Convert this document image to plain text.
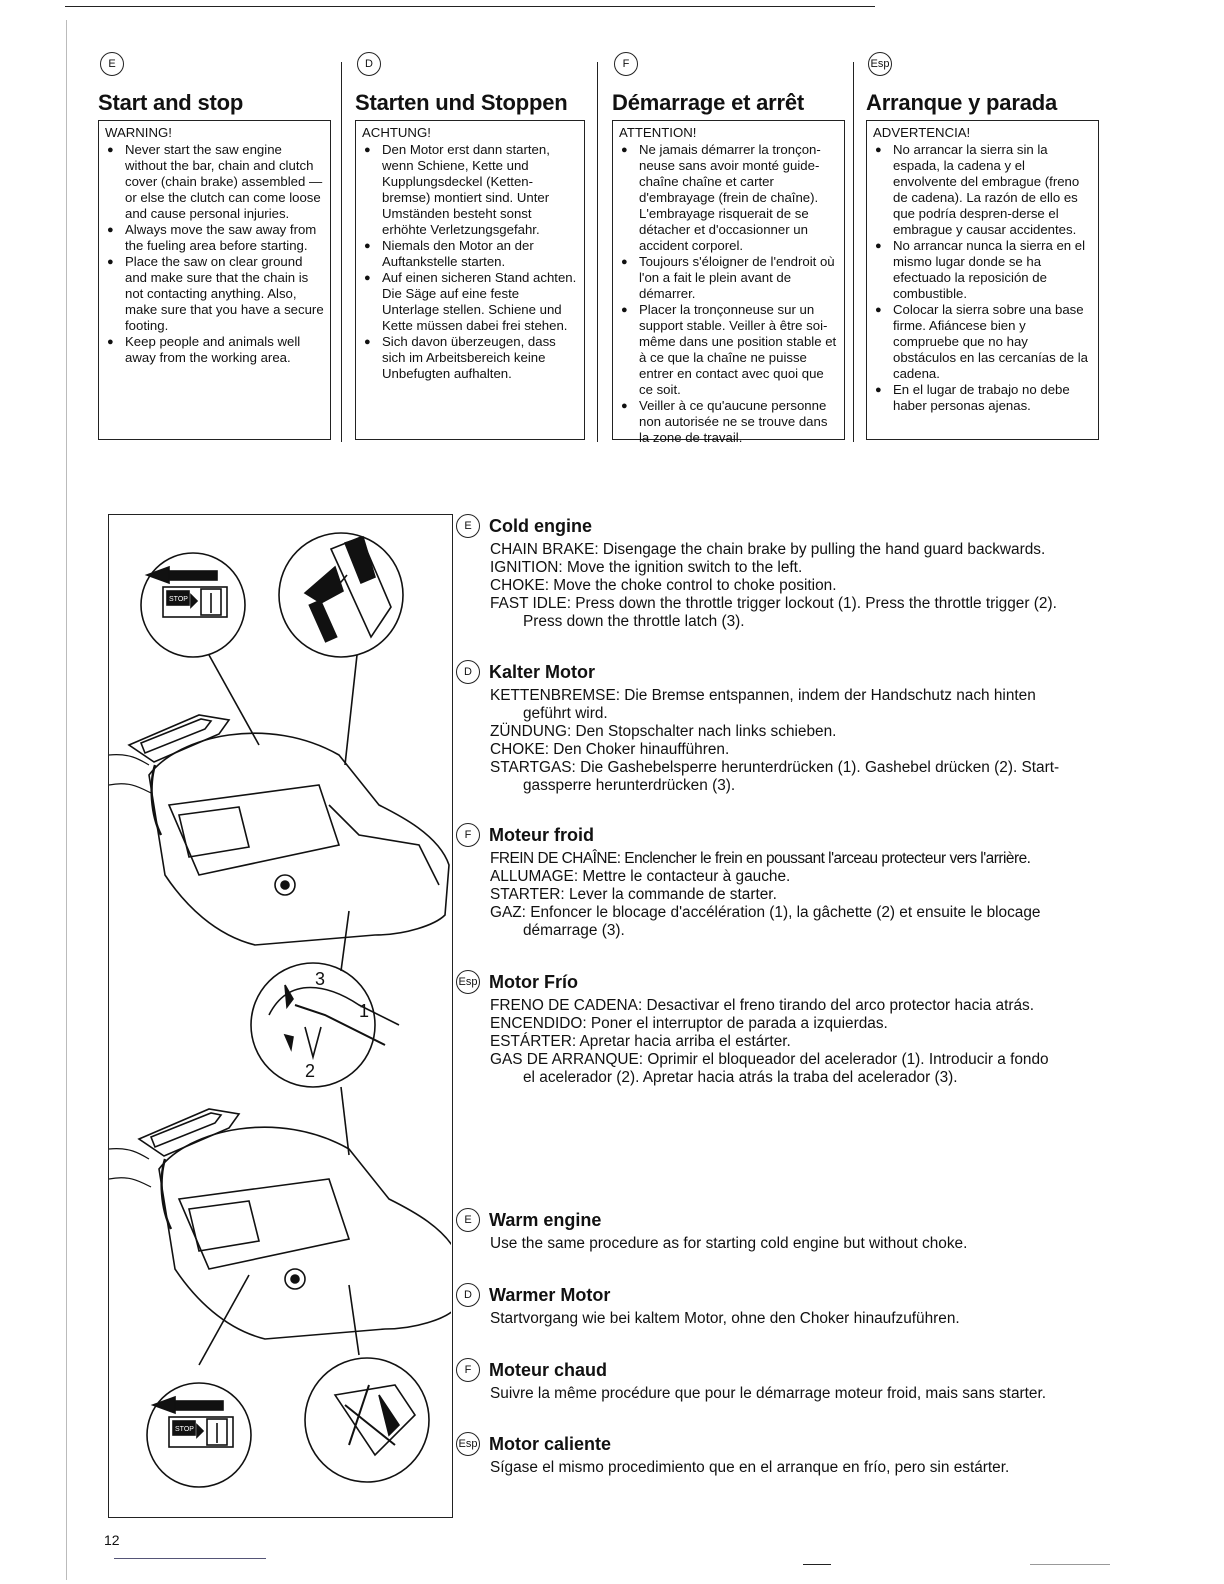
E
Start and stop
WARNING!
● Never start the saw engine without the bar, chain and clutch cover (chain brake) assembled — or else the clutch can come loose and cause personal injuries.
● Always move the saw away from the fueling area before starting.
● Place the saw on clear ground and make sure that the chain is not contacting anything. Also, make sure that you have a secure footing.
● Keep people and animals well away from the working area.
D
Starten und Stoppen
ACHTUNG!
● Den Motor erst dann starten, wenn Schiene, Kette und Kupplungsdeckel (Ketten-bremse) montiert sind. Unter Umständen besteht sonst erhöhte Verletzungsgefahr.
● Niemals den Motor an der Auftankstelle starten.
● Auf einen sicheren Stand achten. Die Säge auf eine feste Unterlage stellen. Schiene und Kette müssen dabei frei stehen.
● Sich davon überzeugen, dass sich im Arbeitsbereich keine Unbefugten aufhalten.
F
Démarrage et arrêt
ATTENTION!
● Ne jamais démarrer la tronçon-neuse sans avoir monté guide-chaîne chaîne et carter d'embrayage (frein de chaîne). L'embrayage risquerait de se détacher et d'occasionner un accident corporel.
● Toujours s'éloigner de l'endroit où l'on a fait le plein avant de démarrer.
● Placer la tronçonneuse sur un support stable. Veiller à être soi-même dans une position stable et à ce que la chaîne ne puisse entrer en contact avec quoi que ce soit.
● Veiller à ce qu'aucune personne non autorisée ne se trouve dans la zone de travail.
Esp
Arranque y parada
ADVERTENCIA!
● No arrancar la sierra sin la espada, la cadena y el envolvente del embrague (freno de cadena). La razón de ello es que podría despren-derse el embrague y causar accidentes.
● No arrancar nunca la sierra en el mismo lugar donde se ha efectuado la reposición de combustible.
● Colocar la sierra sobre una base firme. Afiáncese bien y compruebe que no hay obstáculos en las cercanías de la cadena.
● En el lugar de trabajo no debe haber personas ajenas.
STOP
3
1
2
STOP
E Cold engine

CHAIN BRAKE: Disengage the chain brake by pulling the hand guard backwards.

IGNITION: Move the ignition switch to the left.

CHOKE: Move the choke control to choke position.

FAST IDLE: Press down the throttle trigger lockout (1). Press the throttle trigger (2).
Press down the throttle latch (3).

D Kalter Motor

KETTENBREMSE: Die Bremse entspannen, indem der Handschutz nach hinten
geführt wird.

ZÜNDUNG: Den Stopschalter nach links schieben.

CHOKE: Den Choker hinaufführen.

STARTGAS: Die Gashebelsperre herunterdrücken (1). Gashebel drücken (2). Start-
gassperre herunterdrücken (3).

F Moteur froid

FREIN DE CHAÎNE: Enclencher le frein en poussant l'arceau protecteur vers l'arrière.

ALLUMAGE: Mettre le contacteur à gauche.

STARTER: Lever la commande de starter.

GAZ: Enfoncer le blocage d'accélération (1), la gâchette (2) et ensuite le blocage
démarrage (3).

Esp Motor Frío

FRENO DE CADENA: Desactivar el freno tirando del arco protector hacia atrás.

ENCENDIDO: Poner el interruptor de parada a izquierdas.

ESTÁRTER: Apretar hacia arriba el estárter.

GAS DE ARRANQUE: Oprimir el bloqueador del acelerador (1). Introducir a fondo
el acelerador (2). Apretar hacia atrás la traba del acelerador (3).

E Warm engine

Use the same procedure as for starting cold engine but without choke.

D Warmer Motor

Startvorgang wie bei kaltem Motor, ohne den Choker hinaufzuführen.

F Moteur chaud

Suivre la même procédure que pour le démarrage moteur froid, mais sans starter.

Esp Motor caliente

Sígase el mismo procedimiento que en el arranque en frío, pero sin estárter.

12
